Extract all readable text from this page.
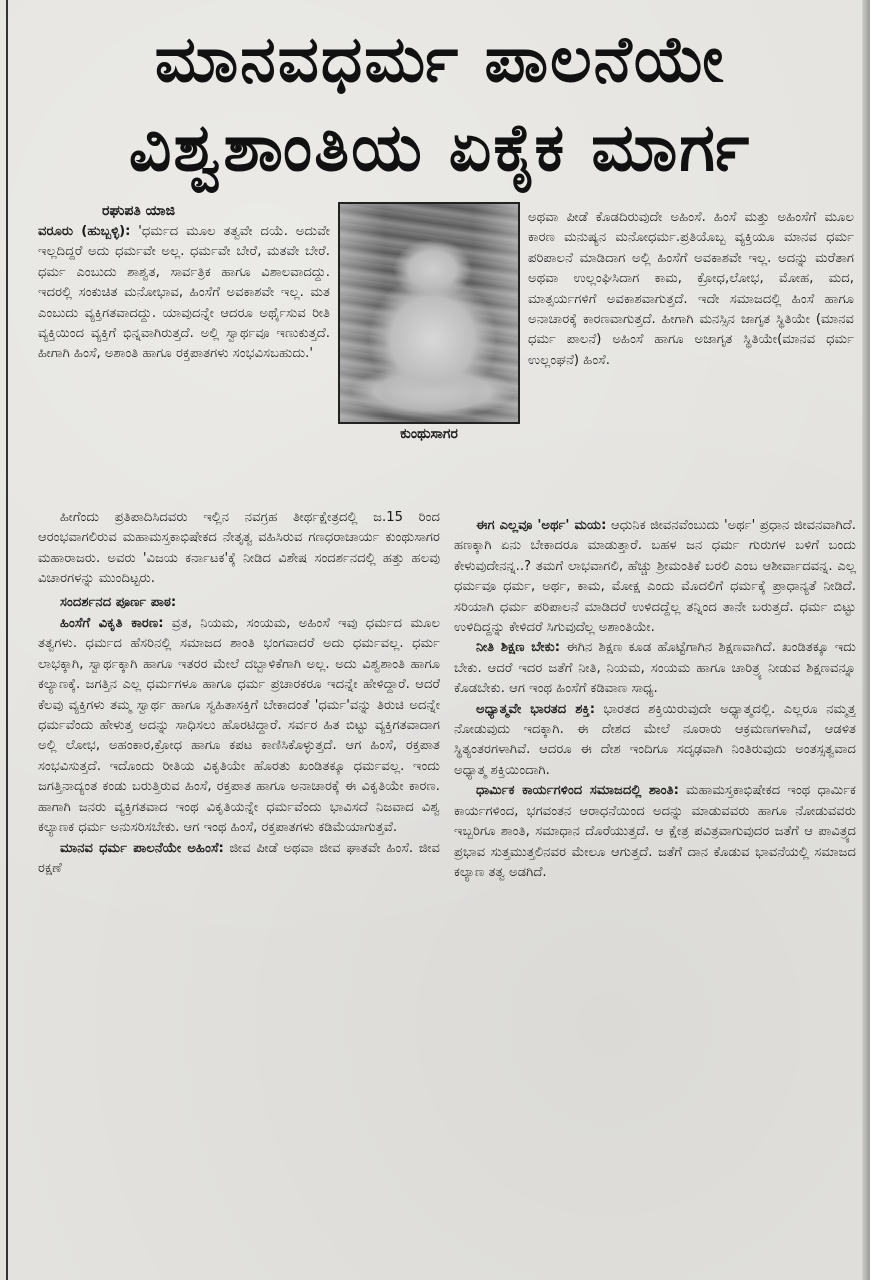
ಮಾನವಧರ್ಮ ಪಾಲನೆಯೇ
ವಿಶ್ವಶಾಂತಿಯ ಏಕೈಕ ಮಾರ್ಗ

ರಘುಪತಿ ಯಾಜಿ

ವರೂರು (ಹುಬ್ಬಳ್ಳಿ): 'ಧರ್ಮದ ಮೂಲ ತತ್ವವೇ ದಯೆ. ಅದುವೇ ಇಲ್ಲದಿದ್ದರೆ ಅದು ಧರ್ಮವೇ ಅಲ್ಲ. ಧರ್ಮವೇ ಬೇರೆ, ಮತವೇ ಬೇರೆ. ಧರ್ಮ ಎಂಬುದು ಶಾಶ್ವತ, ಸಾರ್ವತ್ರಿಕ ಹಾಗೂ ವಿಶಾಲವಾದದ್ದು. ಇದರಲ್ಲಿ ಸಂಕುಚಿತ ಮನೋಭಾವ, ಹಿಂಸೆಗೆ ಅವಕಾಶವೇ ಇಲ್ಲ. ಮತ ಎಂಬುದು ವ್ಯಕ್ತಿಗತವಾದದ್ದು. ಯಾವುದನ್ನೇ ಆದರೂ ಅರ್ಥೈಸುವ ರೀತಿ ವ್ಯಕ್ತಿಯಿಂದ ವ್ಯಕ್ತಿಗೆ ಭಿನ್ನವಾಗಿರುತ್ತದೆ. ಅಲ್ಲಿ ಸ್ವಾರ್ಥವೂ ಇಣುಕುತ್ತದೆ. ಹೀಗಾಗಿ ಹಿಂಸೆ, ಅಶಾಂತಿ ಹಾಗೂ ರಕ್ತಪಾತಗಳು ಸಂಭವಿಸಬಹುದು.'

ಕುಂಥುಸಾಗರ

ಅಥವಾ ಪೀಡೆ ಕೊಡದಿರುವುದೇ ಅಹಿಂಸೆ. ಹಿಂಸೆ ಮತ್ತು ಅಹಿಂಸೆಗೆ ಮೂಲ ಕಾರಣ ಮನುಷ್ಯನ ಮನೋಧರ್ಮ.ಪ್ರತಿಯೊಬ್ಬ ವ್ಯಕ್ತಿಯೂ ಮಾನವ ಧರ್ಮ ಪರಿಪಾಲನೆ ಮಾಡಿದಾಗ ಅಲ್ಲಿ ಹಿಂಸೆಗೆ ಅವಕಾಶವೇ ಇಲ್ಲ. ಅದನ್ನು ಮರೆತಾಗ ಅಥವಾ ಉಲ್ಲಂಘಿಸಿದಾಗ ಕಾಮ, ಕ್ರೋಧ,ಲೋಭ, ಮೋಹ, ಮದ, ಮಾತ್ಸರ್ಯಗಳಿಗೆ ಅವಕಾಶವಾಗುತ್ತದೆ. ಇದೇ ಸಮಾಜದಲ್ಲಿ ಹಿಂಸೆ ಹಾಗೂ ಅನಾಚಾರಕ್ಕೆ ಕಾರಣವಾಗುತ್ತದೆ. ಹೀಗಾಗಿ ಮನಸ್ಸಿನ ಜಾಗೃತ ಸ್ಥಿತಿಯೇ (ಮಾನವ ಧರ್ಮ ಪಾಲನೆ) ಅಹಿಂಸೆ ಹಾಗೂ ಅಜಾಗೃತ ಸ್ಥಿತಿಯೇ(ಮಾನವ ಧರ್ಮ ಉಲ್ಲಂಘನೆ) ಹಿಂಸೆ.

ಹೀಗೆಂದು ಪ್ರತಿಪಾದಿಸಿದವರು ಇಲ್ಲಿನ ನವಗ್ರಹ ತೀರ್ಥಕ್ಷೇತ್ರದಲ್ಲಿ ಜ.15 ರಿಂದ ಆರಂಭವಾಗಲಿರುವ ಮಹಾಮಸ್ತಕಾಭಿಷೇಕದ ನೇತೃತ್ವ ವಹಿಸಿರುವ ಗಣಧರಾಚಾರ್ಯ ಕುಂಥುಸಾಗರ ಮಹಾರಾಜರು. ಅವರು 'ವಿಜಯ ಕರ್ನಾಟಕ'ಕ್ಕೆ ನೀಡಿದ ವಿಶೇಷ ಸಂದರ್ಶನದಲ್ಲಿ ಹತ್ತು ಹಲವು ವಿಚಾರಗಳನ್ನು ಮುಂದಿಟ್ಟರು.

ಸಂದರ್ಶನದ ಪೂರ್ಣ ಪಾಠ:

ಹಿಂಸೆಗೆ ವಿಕೃತಿ ಕಾರಣ: ವ್ರತ, ನಿಯಮ, ಸಂಯಮ, ಅಹಿಂಸೆ ಇವು ಧರ್ಮದ ಮೂಲ ತತ್ವಗಳು. ಧರ್ಮದ ಹೆಸರಿನಲ್ಲಿ ಸಮಾಜದ ಶಾಂತಿ ಭಂಗವಾದರೆ ಅದು ಧರ್ಮವಲ್ಲ. ಧರ್ಮ ಲಾಭಕ್ಕಾಗಿ, ಸ್ವಾರ್ಥಕ್ಕಾಗಿ ಹಾಗೂ ಇತರರ ಮೇಲೆ ದಬ್ಬಾಳಿಕೆಗಾಗಿ ಅಲ್ಲ. ಅದು ವಿಶ್ವಶಾಂತಿ ಹಾಗೂ ಕಲ್ಯಾಣಕ್ಕೆ. ಜಗತ್ತಿನ ಎಲ್ಲ ಧರ್ಮಗಳೂ ಹಾಗೂ ಧರ್ಮ ಪ್ರಚಾರಕರೂ ಇದನ್ನೇ ಹೇಳಿದ್ದಾರೆ. ಆದರೆ ಕೆಲವು ವ್ಯಕ್ತಿಗಳು ತಮ್ಮ ಸ್ವಾರ್ಥ ಹಾಗೂ ಸ್ವಹಿತಾಸಕ್ತಿಗೆ ಬೇಕಾದಂತೆ 'ಧರ್ಮ'ವನ್ನು ತಿರುಚಿ ಅದನ್ನೇ ಧರ್ಮವೆಂದು ಹೇಳುತ್ತ ಅದನ್ನು ಸಾಧಿಸಲು ಹೊರಟಿದ್ದಾರೆ. ಸರ್ವರ ಹಿತ ಬಿಟ್ಟು ವ್ಯಕ್ತಿಗತವಾದಾಗ ಅಲ್ಲಿ ಲೋಭ, ಅಹಂಕಾರ,ಕ್ರೋಧ ಹಾಗೂ ಕಪಟ ಕಾಣಿಸಿಕೊಳ್ಳುತ್ತದೆ. ಆಗ ಹಿಂಸೆ, ರಕ್ತಪಾತ ಸಂಭವಿಸುತ್ತದೆ. ಇದೊಂದು ರೀತಿಯ ವಿಕೃತಿಯೇ ಹೊರತು ಖಂಡಿತಕ್ಕೂ ಧರ್ಮವಲ್ಲ. ಇಂದು ಜಗತ್ತಿನಾದ್ಯಂತ ಕಂಡು ಬರುತ್ತಿರುವ ಹಿಂಸೆ, ರಕ್ತಪಾತ ಹಾಗೂ ಅನಾಚಾರಕ್ಕೆ ಈ ವಿಕೃತಿಯೇ ಕಾರಣ. ಹಾಗಾಗಿ ಜನರು ವ್ಯಕ್ತಿಗತವಾದ ಇಂಥ ವಿಕೃತಿಯನ್ನೇ ಧರ್ಮವೆಂದು ಭಾವಿಸದೆ ನಿಜವಾದ ವಿಶ್ವ ಕಲ್ಯಾಣಕ ಧರ್ಮ ಅನುಸರಿಸಬೇಕು. ಆಗ ಇಂಥ ಹಿಂಸೆ, ರಕ್ತಪಾತಗಳು ಕಡಿಮೆಯಾಗುತ್ತವೆ.

ಮಾನವ ಧರ್ಮ ಪಾಲನೆಯೇ ಅಹಿಂಸೆ: ಜೀವ ಪೀಡೆ ಅಥವಾ ಜೀವ ಘಾತವೇ ಹಿಂಸೆ. ಜೀವ ರಕ್ಷಣೆ

ಈಗ ಎಲ್ಲವೂ 'ಅರ್ಥ' ಮಯ: ಆಧುನಿಕ ಜೀವನವೆಂಬುದು 'ಅರ್ಥ' ಪ್ರಧಾನ ಜೀವನವಾಗಿದೆ. ಹಣಕ್ಕಾಗಿ ಏನು ಬೇಕಾದರೂ ಮಾಡುತ್ತಾರೆ. ಬಹಳ ಜನ ಧರ್ಮ ಗುರುಗಳ ಬಳಿಗೆ ಬಂದು ಕೇಳುವುದೇನನ್ನ..? ತಮಗೆ ಲಾಭವಾಗಲಿ, ಹೆಚ್ಚು ಶ್ರೀಮಂತಿಕೆ ಬರಲಿ ಎಂಬ ಆಶೀರ್ವಾದವನ್ನ. ಎಲ್ಲ ಧರ್ಮವೂ ಧರ್ಮ, ಅರ್ಥ, ಕಾಮ, ಮೋಕ್ಷ ಎಂದು ಮೊದಲಿಗೆ ಧರ್ಮಕ್ಕೆ ಪ್ರಾಧಾನ್ಯತೆ ನೀಡಿದೆ. ಸರಿಯಾಗಿ ಧರ್ಮ ಪರಿಪಾಲನೆ ಮಾಡಿದರೆ ಉಳಿದದ್ದೆಲ್ಲ ತನ್ನಿಂದ ತಾನೇ ಬರುತ್ತದೆ. ಧರ್ಮ ಬಿಟ್ಟು ಉಳಿದಿದ್ದನ್ನು ಕೇಳಿದರೆ ಸಿಗುವುದೆಲ್ಲ ಅಶಾಂತಿಯೇ.

ನೀತಿ ಶಿಕ್ಷಣ ಬೇಕು: ಈಗಿನ ಶಿಕ್ಷಣ ಕೂಡ ಹೊಟ್ಟೆಗಾಗಿನ ಶಿಕ್ಷಣವಾಗಿದೆ. ಖಂಡಿತಕ್ಕೂ ಇದು ಬೇಕು. ಆದರೆ ಇದರ ಜತೆಗೆ ನೀತಿ, ನಿಯಮ, ಸಂಯಮ ಹಾಗೂ ಚಾರಿತ್ರ್ಯ ನೀಡುವ ಶಿಕ್ಷಣವನ್ನೂ ಕೊಡಬೇಕು. ಆಗ ಇಂಥ ಹಿಂಸೆಗೆ ಕಡಿವಾಣ ಸಾಧ್ಯ.

ಅಧ್ಯಾತ್ಮವೇ ಭಾರತದ ಶಕ್ತಿ: ಭಾರತದ ಶಕ್ತಿಯಿರುವುದೇ ಅಧ್ಯಾತ್ಮದಲ್ಲಿ. ಎಲ್ಲರೂ ನಮ್ಮತ್ತ ನೋಡುವುದು ಇದಕ್ಕಾಗಿ. ಈ ದೇಶದ ಮೇಲೆ ನೂರಾರು ಆಕ್ರಮಣಗಳಾಗಿವೆ, ಆಡಳಿತ ಸ್ಥಿತ್ಯಂತರಗಳಾಗಿವೆ. ಆದರೂ ಈ ದೇಶ ಇಂದಿಗೂ ಸದೃಢವಾಗಿ ನಿಂತಿರುವುದು ಅಂತಸ್ಸತ್ವವಾದ ಅಧ್ಯಾತ್ಮ ಶಕ್ತಿಯಿಂದಾಗಿ.

ಧಾರ್ಮಿಕ ಕಾರ್ಯಗಳಿಂದ ಸಮಾಜದಲ್ಲಿ ಶಾಂತಿ: ಮಹಾಮಸ್ತಕಾಭಿಷೇಕದ ಇಂಥ ಧಾರ್ಮಿಕ ಕಾರ್ಯಗಳಿಂದ, ಭಗವಂತನ ಆರಾಧನೆಯಿಂದ ಅದನ್ನು ಮಾಡುವವರು ಹಾಗೂ ನೋಡುವವರು ಇಬ್ಬರಿಗೂ ಶಾಂತಿ, ಸಮಾಧಾನ ದೊರೆಯುತ್ತದೆ. ಆ ಕ್ಷೇತ್ರ ಪವಿತ್ರವಾಗುವುದರ ಜತೆಗೆ ಆ ಪಾವಿತ್ರ್ಯದ ಪ್ರಭಾವ ಸುತ್ತಮುತ್ತಲಿನವರ ಮೇಲೂ ಆಗುತ್ತದೆ. ಜತೆಗೆ ದಾನ ಕೊಡುವ ಭಾವನೆಯಲ್ಲಿ ಸಮಾಜದ ಕಲ್ಯಾಣ ತತ್ವ ಅಡಗಿದೆ.
